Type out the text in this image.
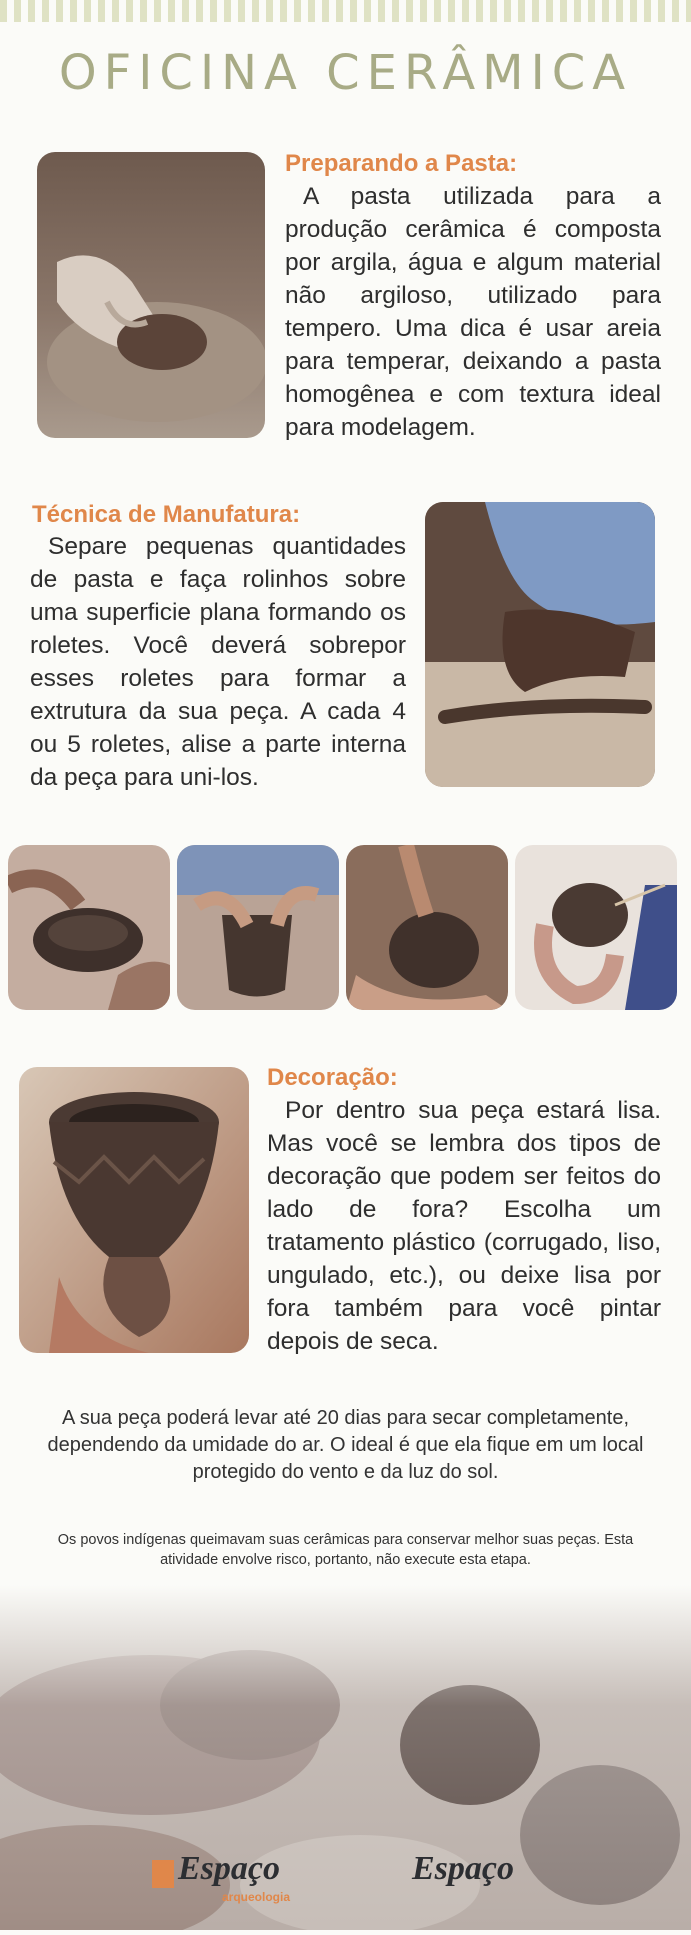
OFICINA CERÂMICA
Preparando a Pasta:

A pasta utilizada para a produção cerâmica é composta por argila, água e algum material não argiloso, utilizado para tempero. Uma dica é usar areia para temperar, deixando a pasta homogênea e com textura ideal para modelagem.

Técnica de Manufatura:

Separe pequenas quantidades de pasta e faça rolinhos sobre uma superficie plana formando os roletes. Você deverá sobrepor esses roletes para formar a extrutura da sua peça. A cada 4 ou 5 roletes, alise a parte interna da peça para uni-los.

Decoração:

Por dentro sua peça estará lisa. Mas você se lembra dos tipos de decoração que podem ser feitos do lado de fora? Escolha um tratamento plástico (corrugado, liso, ungulado, etc.), ou deixe lisa por fora também para você pintar depois de seca.

A sua peça poderá levar até 20 dias para secar completamente, dependendo da umidade do ar. O ideal é que ela fique em um local protegido do vento e da luz do sol.

Os povos indígenas queimavam suas cerâmicas para conservar melhor suas peças. Esta atividade envolve risco, portanto, não execute esta etapa.

Espaço
arqueologia
Espaço
